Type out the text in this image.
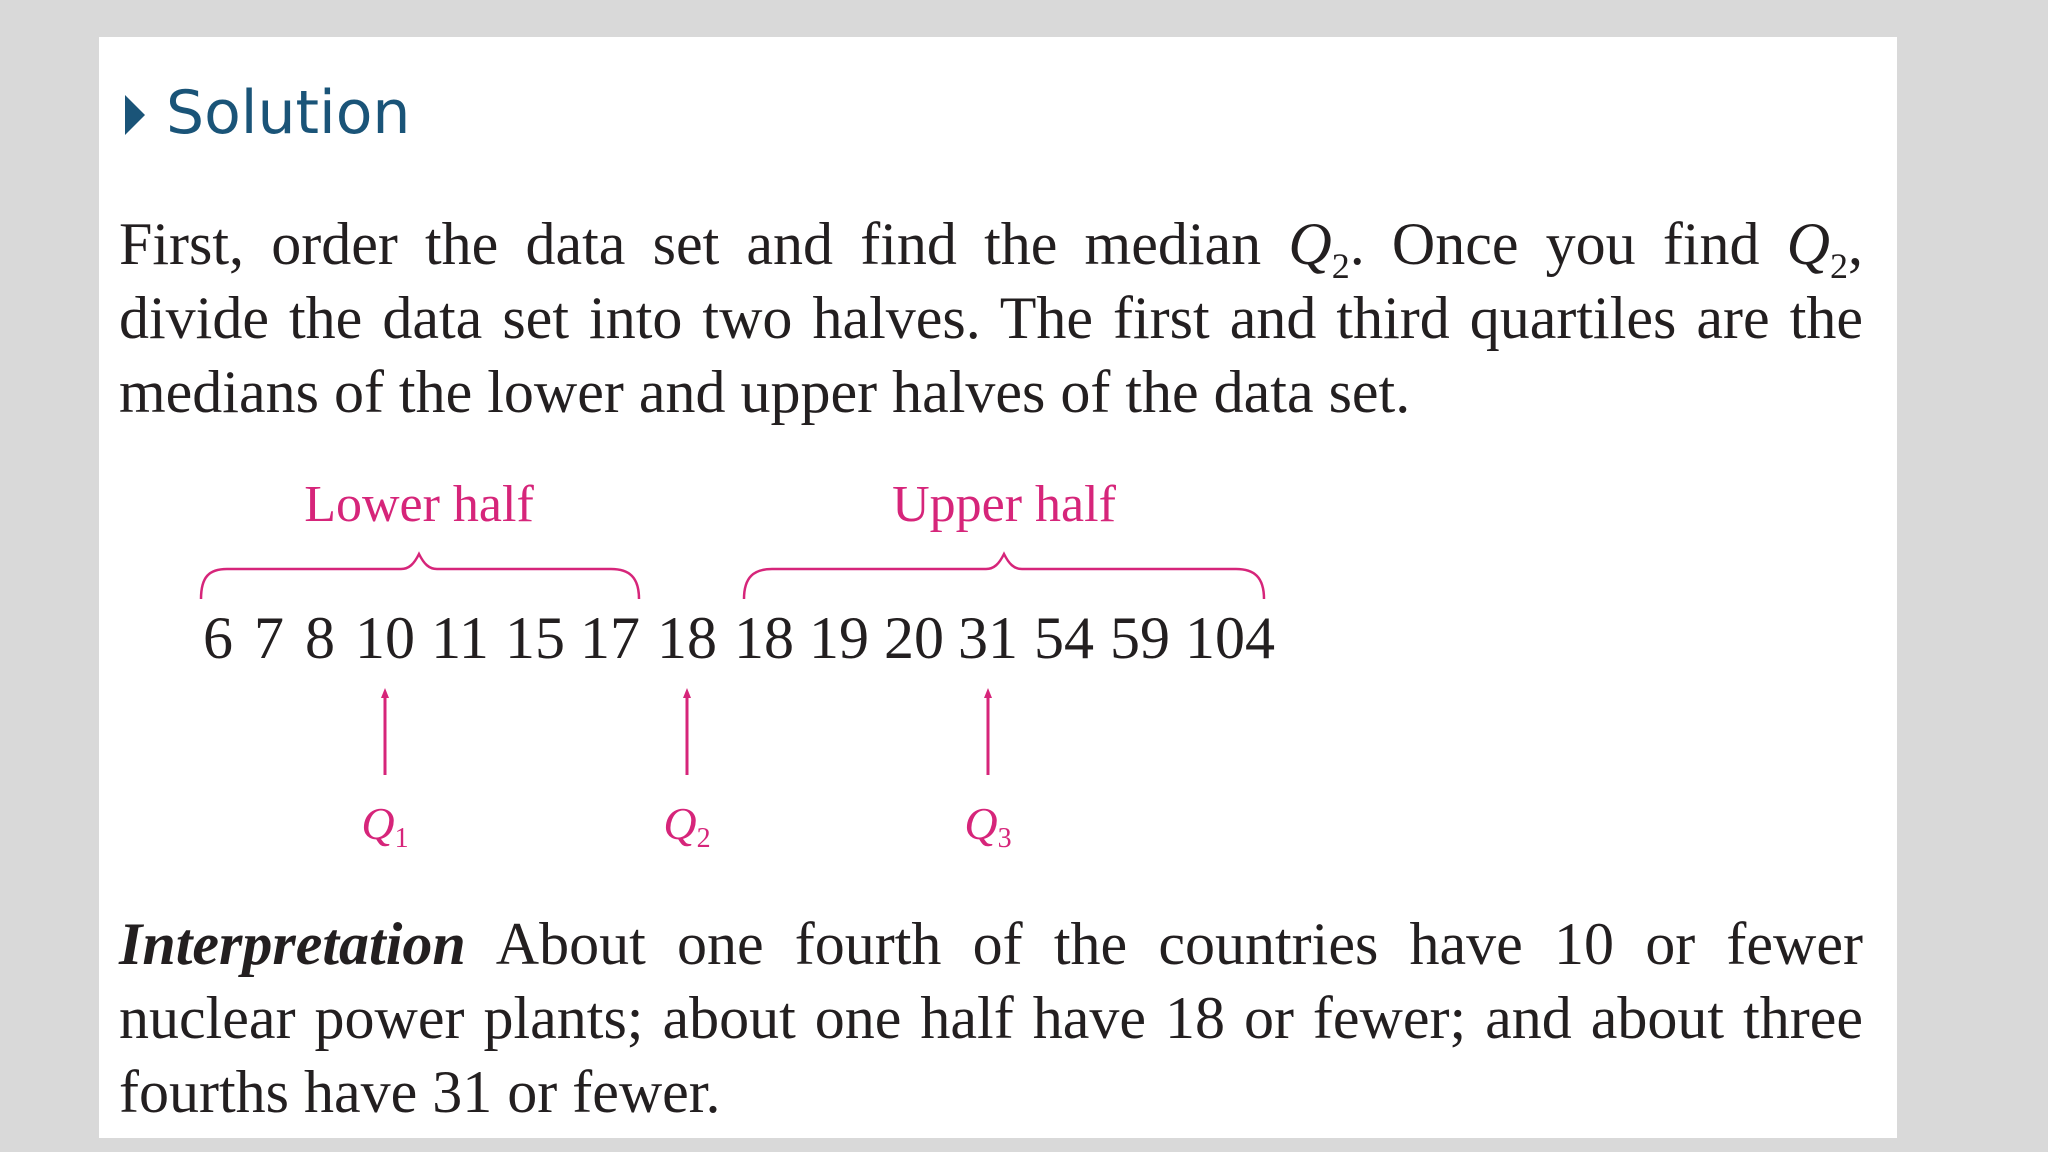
Solution
First, order the data set and find the median $Q_2$. Once you find $Q_2$, divide the data set into two halves. The first and third quartiles are the medians of the lower and upper halves of the data set.
Lower half	Upper half
6 7 8 10 11 15 17 18 18 19 20 31 54 59 104
Q1	Q2	Q3
Interpretation About one fourth of the countries have 10 or fewer nuclear power plants; about one half have 18 or fewer; and about three fourths have 31 or fewer.
